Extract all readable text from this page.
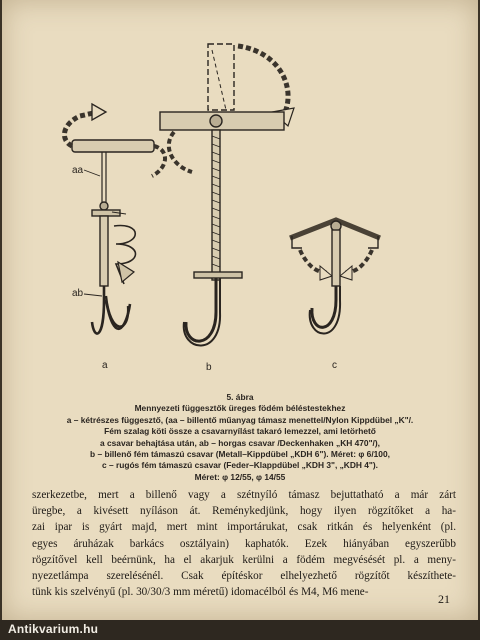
aa
ab
a	b	c
5. ábra
Mennyezeti függesztők üreges födém béléstestekhez
a – kétrészes függesztő, (aa – billentő műanyag támasz menettel/Nylon Kippdübel „K"/.
Fém szalag köti össze a csavarnyílást takaró lemezzel, ami letörhető
a csavar behajtása után, ab – horgas csavar /Deckenhaken „KH 470"/),
b – billenő fém támaszú csavar (Metall–Kippdübel „KDH 6"). Méret: φ 6/100,
c – rugós fém támaszú csavar (Feder–Klappdübel „KDH 3", „KDH 4").
Méret: φ 12/55, φ 14/55
szerkezetbe, mert a billenő vagy a szétnyíló támasz bejuttatható a már zárt
üregbe, a kivésett nyíláson át. Reménykedjünk, hogy ilyen rögzítőket a ha-
zai ipar is gyárt majd, mert mint importárukat, csak ritkán és helyenként (pl.
egyes áruházak barkács osztályain) kaphatók. Ezek hiányában egyszerűbb
rögzítővel kell beérnünk, ha el akarjuk kerülni a födém megvésését pl. a meny-
nyezetlámpa szerelésénél. Csak építéskor elhelyezhető rögzítőt készíthete-
tünk kis szelvényű (pl. 30/30/3 mm méretű) idomacélból és M4, M6 mene-	21
Antikvarium.hu
